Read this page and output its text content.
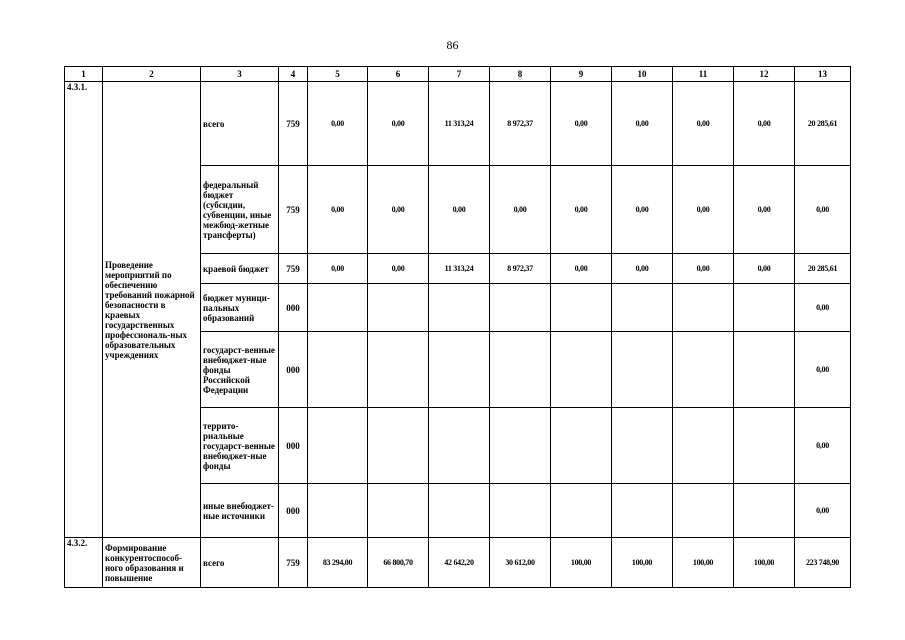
86
1	2	3	4	5	6	7	8	9	10	11	12	13
4.3.1.	Проведение мероприятий по обеспечению требований пожарной безопасности в краевых государственных профессиональ-ных образовательных учреждениях	всего	759	0,00	0,00	11 313,24	8 972,37	0,00	0,00	0,00	0,00	20 285,61
		федеральный бюджет (субсидии, субвенции, иные межбюд-жетные трансферты)	759	0,00	0,00	0,00	0,00	0,00	0,00	0,00	0,00	0,00
		краевой бюджет	759	0,00	0,00	11 313,24	8 972,37	0,00	0,00	0,00	0,00	20 285,61
		бюджет муници-пальных образований	000									0,00
		государст-венные внебюджет-ные фонды Российской Федерации	000									0,00
		террито-риальные государст-венные внебюджет-ные фонды	000									0,00
		иные внебюджет-ные источники	000									0,00
4.3.2.	Формирование конкурентоспособ-ного образования и повышение	всего	759	83 294,00	66 800,70	42 642,20	30 612,00	100,00	100,00	100,00	100,00	223 748,90
